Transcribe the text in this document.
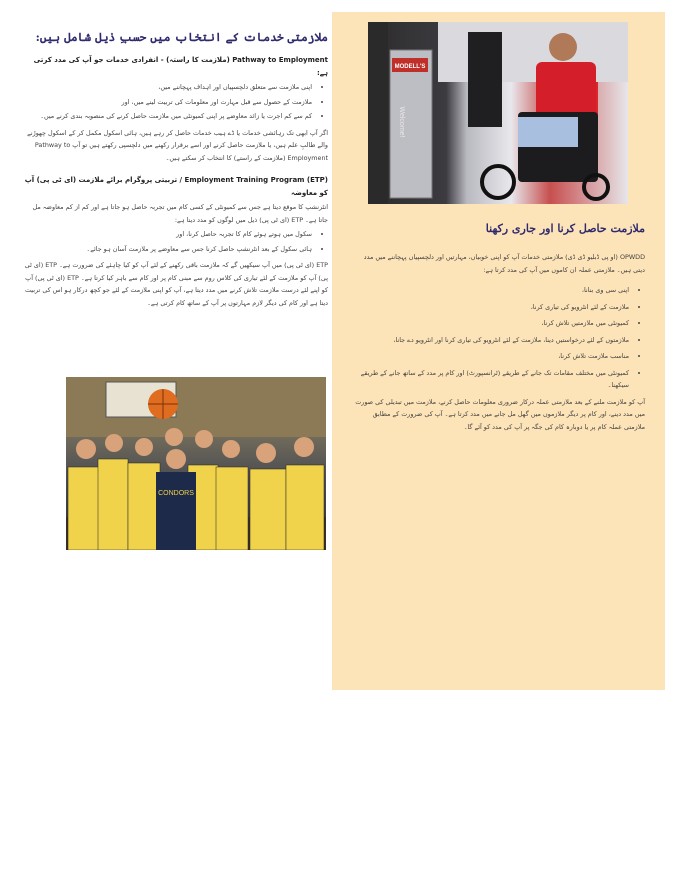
ملازمتی خدمات کے انتخاب میں حسبِ ذیل شامل ہیں:

Pathway to Employment (ملازمت کا راستہ) - انفرادی خدمات جو آپ کی مدد کرتی ہے:

• اپنی ملازمت سے متعلق دلچسپیاں اور اہداف پہچاننے میں،
• ملازمت کے حصول سے قبل مہارت اور معلومات کی تربیت لینے میں، اور
• کم سے کم اجرت یا زائد معاوضے پر اپنی کمیونٹی میں ملازمت حاصل کرنے کی منصوبہ بندی کرنے میں۔

اگر آپ ابھی تک رہائشی خدمات یا ڈے ہیب خدمات حاصل کر رہے ہیں، ہائی اسکول مکمل کر کے اسکول چھوڑنے والے طالبِ علم ہیں، یا ملازمت حاصل کرنے اور اسے برقرار رکھنے میں دلچسپی رکھتے ہیں تو آپ Pathway to Employment (ملازمت کے راستے) کا انتخاب کر سکتے ہیں۔

Employment Training Program (ETP) / تربیتی پروگرام برائے ملازمت (ای ٹی پی) آپ کو معاوضہ

انٹرنشپ کا موقع دیتا ہے جس سے کمیونٹی کے کسی کام میں تجربہ حاصل ہو جاتا ہے اور کم از کم معاوضہ مل جاتا ہے۔ ETP (ای ٹی پی) ذیل میں لوگوں کو مدد دیتا ہے:

• سکول میں ہوتے ہوئے کام کا تجربہ حاصل کرنا، اور
• ہائی سکول کے بعد انٹرنشپ حاصل کرنا جس سے معاوضے پر ملازمت آسان ہو جائے۔

ETP (ای ٹی پی) میں آپ سیکھیں گے کہ ملازمت باقی رکھنے کے لئے آپ کو کیا چاہئے کی ضرورت ہے۔ ETP (ای ٹی پی) آپ کو ملازمت کے لئے تیاری کی کلاس روم سے مبنی کام پر اور کام سے باہر کیا کرتا ہے۔ ETP (ای ٹی پی) آپ کو اپنے لئے درست ملازمت تلاش کرنے میں مدد دیتا ہے، آپ کو اپنی ملازمت کے لئے جو کچھ درکار ہو اس کی تربیت دیتا ہے اور کام کی دیگر لازم مہارتوں پر آپ کے ساتھ کام کرتی ہے۔

CONDORS
MODELL'S
Welcome!
ملازمت حاصل کرنا اور جاری رکھنا

OPWDD (او پی ڈبلیو ڈی ڈی) ملازمتی خدمات آپ کو اپنی خوبیاں، مہارتیں اور دلچسپیاں پہچاننے میں مدد دیتی ہیں۔ ملازمتی عملہ ان کاموں میں آپ کی مدد کرتا ہے:

• اپنی سی وی بنانا،
• ملازمت کے لئے انٹرویو کی تیاری کرنا،
• کمیونٹی میں ملازمتیں تلاش کرنا،
• ملازمتوں کے لئے درخواستیں دینا، ملازمت کے لئے انٹرویو کی تیاری کرنا اور انٹرویو دے جانا،
• مناسب ملازمت تلاش کرنا،
• کمیونٹی میں مختلف مقامات تک جانے کے طریقے (ٹرانسپورٹ) اور کام پر مدد کے ساتھ جانے کے طریقے سیکھنا۔

آپ کو ملازمت ملنے کے بعد ملازمتی عملہ درکار ضروری معلومات حاصل کرنے، ملازمت میں تبدیلی کی صورت میں مدد دینے، اور کام پر دیگر ملازموں میں گھل مل جانے میں مدد کرتا ہے۔ آپ کی ضرورت کے مطابق ملازمتی عملہ کام پر یا دوبارہ کام کی جگہ پر آپ کی مدد کو آئے گا۔
